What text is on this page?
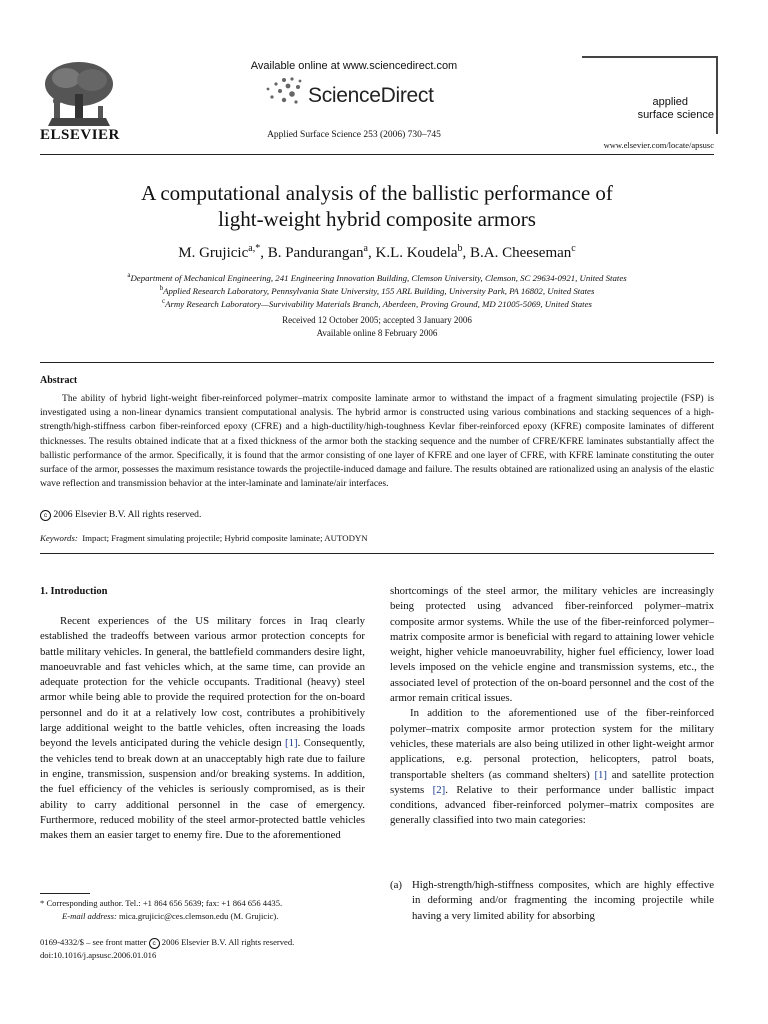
ELSEVIER
Available online at www.sciencedirect.com
ScienceDirect
Applied Surface Science 253 (2006) 730–745
applied
surface science
www.elsevier.com/locate/apsusc
A computational analysis of the ballistic performance of
light-weight hybrid composite armors
M. Grujicic$^{a,*}$, B. Pandurangan$^a$, K.L. Koudela$^b$, B.A. Cheeseman$^c$
$^a$Department of Mechanical Engineering, 241 Engineering Innovation Building, Clemson University, Clemson, SC 29634-0921, United States
$^b$Applied Research Laboratory, Pennsylvania State University, 155 ARL Building, University Park, PA 16802, United States
$^c$Army Research Laboratory—Survivability Materials Branch, Aberdeen, Proving Ground, MD 21005-5069, United States
Received 12 October 2005; accepted 3 January 2006
Available online 8 February 2006
Abstract
The ability of hybrid light-weight fiber-reinforced polymer–matrix composite laminate armor to withstand the impact of a fragment simulating projectile (FSP) is investigated using a non-linear dynamics transient computational analysis. The hybrid armor is constructed using various combinations and stacking sequences of a high-strength/high-stiffness carbon fiber-reinforced epoxy (CFRE) and a high-ductility/high-toughness Kevlar fiber-reinforced epoxy (KFRE) composite laminates of different thicknesses. The results obtained indicate that at a fixed thickness of the armor both the stacking sequence and the number of CFRE/KFRE laminates substantially affect the ballistic performance of the armor. Specifically, it is found that the armor consisting of one layer of KFRE and one layer of CFRE, with KFRE laminate constituting the outer surface of the armor, possesses the maximum resistance towards the projectile-induced damage and failure. The results obtained are rationalized using an analysis of the elastic wave reflection and transmission behavior at the inter-laminate and laminate/air interfaces.
c 2006 Elsevier B.V. All rights reserved.
Keywords: Impact; Fragment simulating projectile; Hybrid composite laminate; AUTODYN
1. Introduction

Recent experiences of the US military forces in Iraq clearly established the tradeoffs between various armor protection concepts for battle military vehicles. In general, the battlefield commanders desire light, manoeuvrable and fast vehicles which, at the same time, can provide an adequate protection for the vehicle occupants. Traditional (heavy) steel armor while being able to provide the required protection for the on-board personnel and do it at a relatively low cost, contributes a prohibitively large additional weight to the battle vehicles, often increasing the loads beyond the levels anticipated during the vehicle design [1]. Consequently, the vehicles tend to break down at an unacceptably high rate due to failure in engine, transmission, suspension and/or breaking systems. In addition, the fuel efficiency of the vehicles is seriously compromised, as is their ability to carry additional personnel in the case of emergency. Furthermore, reduced mobility of the steel armor-protected battle vehicles makes them an easier target to enemy fire. Due to the aforementioned

shortcomings of the steel armor, the military vehicles are increasingly being protected using advanced fiber-reinforced polymer–matrix composite armor systems. While the use of the fiber-reinforced polymer–matrix composite armor is beneficial with regard to attaining lower vehicle weight, higher vehicle manoeuvrability, higher fuel efficiency, lower load levels imposed on the vehicle engine and transmission systems, etc., the associated level of protection of the on-board personnel and the cost of the armor remain critical issues.

In addition to the aforementioned use of the fiber-reinforced polymer–matrix composite armor protection system for the military vehicles, these materials are also being utilized in other light-weight armor applications, e.g. personal protection, helicopters, patrol boats, transportable shelters (as command shelters) [1] and satellite protection systems [2]. Relative to their performance under ballistic impact conditions, advanced fiber-reinforced polymer–matrix composites are generally classified into two main categories:

(a) High-strength/high-stiffness composites, which are highly effective in deforming and/or fragmenting the incoming projectile while having a very limited ability for absorbing
* Corresponding author. Tel.: +1 864 656 5639; fax: +1 864 656 4435.
E-mail address: mica.grujicic@ces.clemson.edu (M. Grujicic).
0169-4332/$ – see front matter c 2006 Elsevier B.V. All rights reserved.
doi:10.1016/j.apsusc.2006.01.016
